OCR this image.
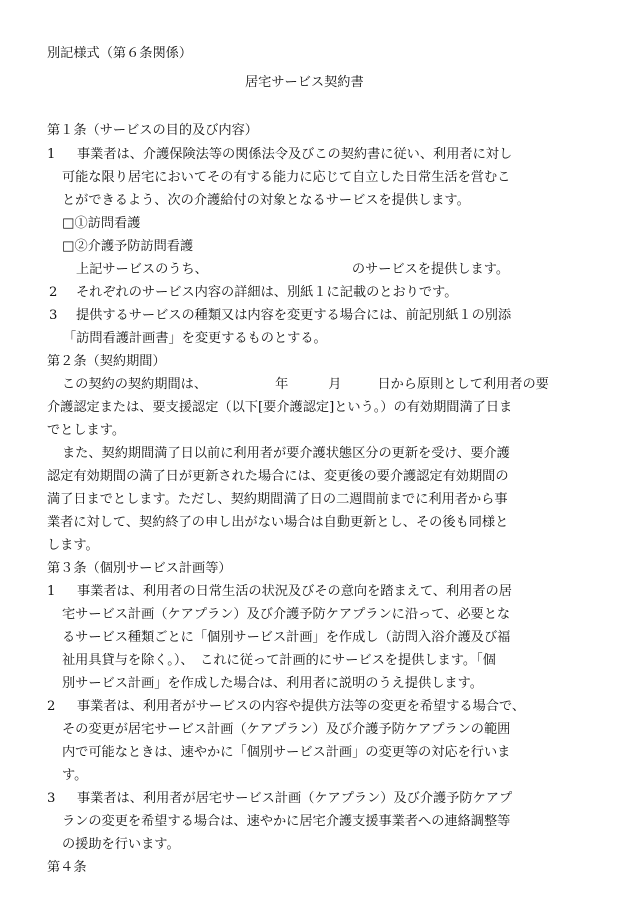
別記様式（第６条関係）
居宅サービス契約書
第１条（サービスの目的及び内容）
1 事業者は、介護保険法等の関係法令及びこの契約書に従い、利用者に対し
可能な限り居宅においてその有する能力に応じて自立した日常生活を営むこ
とができるよう、次の介護給付の対象となるサービスを提供します。
□①訪問看護
□②介護予防訪問看護
上記サービスのうち、	のサービスを提供します。
2 それぞれのサービス内容の詳細は、別紙１に記載のとおりです。
3 提供するサービスの種類又は内容を変更する場合には、前記別紙１の別添
「訪問看護計画書」を変更するものとする。
第２条（契約期間）
この契約の契約期間は、	年	月	日から原則として利用者の要
介護認定または、要支援認定（以下[要介護認定]という。）の有効期間満了日ま
でとします。
また、契約期間満了日以前に利用者が要介護状態区分の更新を受け、要介護
認定有効期間の満了日が更新された場合には、変更後の要介護認定有効期間の
満了日までとします。ただし、契約期間満了日の二週間前までに利用者から事
業者に対して、契約終了の申し出がない場合は自動更新とし、その後も同様と
します。
第３条（個別サービス計画等）
1 事業者は、利用者の日常生活の状況及びその意向を踏まえて、利用者の居
宅サービス計画（ケアプラン）及び介護予防ケアプランに沿って、必要とな
るサービス種類ごとに「個別サービス計画」を作成し（訪問入浴介護及び福
祉用具貸与を除く。）、　これに従って計画的にサービスを提供します。「個
別サービス計画」を作成した場合は、利用者に説明のうえ提供します。
2 事業者は、利用者がサービスの内容や提供方法等の変更を希望する場合で、
その変更が居宅サービス計画（ケアプラン）及び介護予防ケアプランの範囲
内で可能なときは、速やかに「個別サービス計画」の変更等の対応を行いま
す。
3 事業者は、利用者が居宅サービス計画（ケアプラン）及び介護予防ケアプ
ランの変更を希望する場合は、速やかに居宅介護支援事業者への連絡調整等
の援助を行います。
第４条
